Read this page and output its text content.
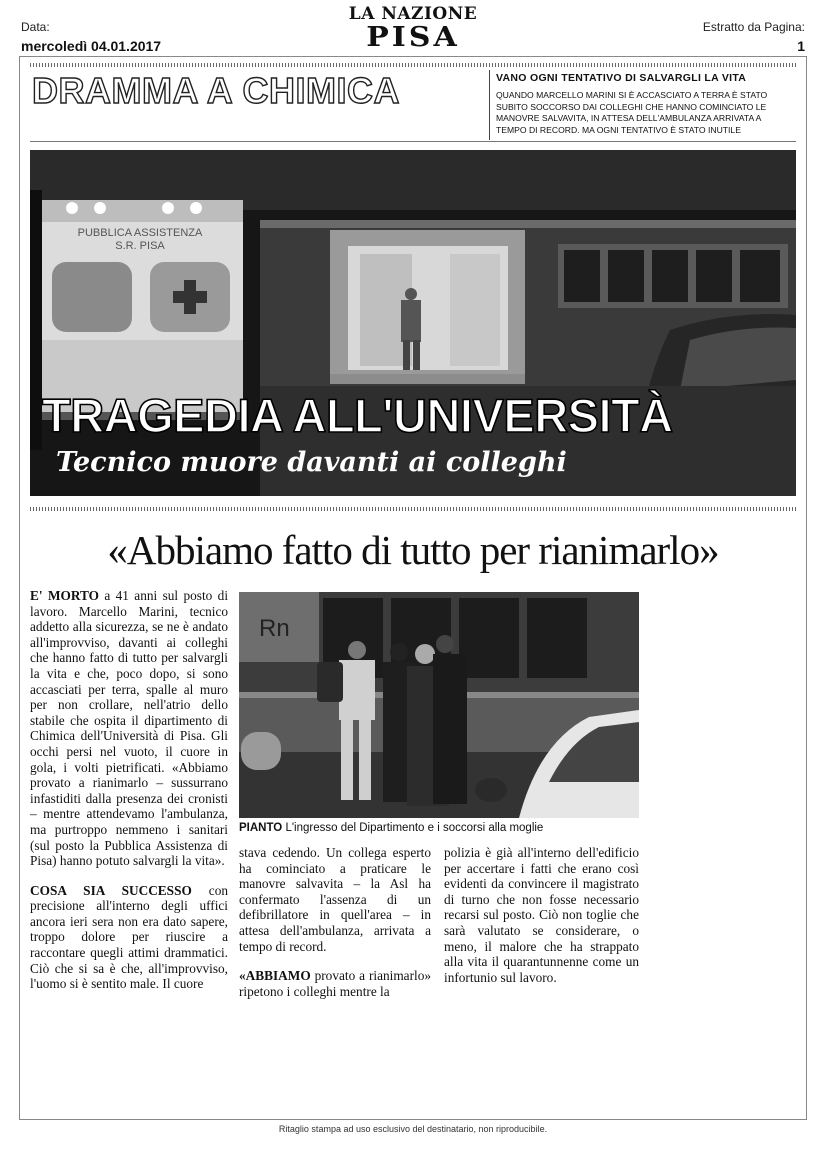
Data:
mercoledì 04.01.2017
LA NAZIONE
PISA	Estratto da Pagina:
1
DRAMMA A CHIMICA	VANO OGNI TENTATIVO DI SALVARGLI LA VITA
QUANDO MARCELLO MARINI SI È ACCASCIATO A TERRA È STATO SUBITO SOCCORSO DAI COLLEGHI CHE HANNO COMINCIATO LE MANOVRE SALVAVITA, IN ATTESA DELL'AMBULANZA ARRIVATA A TEMPO DI RECORD. MA OGNI TENTATIVO È STATO INUTILE
PUBBLICA ASSISTENZA
S.R. PISA
TRAGEDIA ALL'UNIVERSITÀ
Tecnico muore davanti ai colleghi
«Abbiamo fatto di tutto per rianimarlo»

E' MORTO a 41 anni sul posto di lavoro. Marcello Marini, tecnico addetto alla sicurezza, se ne è andato all'improvviso, davanti ai colleghi che hanno fatto di tutto per salvargli la vita e che, poco dopo, si sono accasciati per terra, spalle al muro per non crollare, nell'atrio dello stabile che ospita il dipartimento di Chimica dell'Università di Pisa. Gli occhi persi nel vuoto, il cuore in gola, i volti pietrificati. «Abbiamo provato a rianimarlo – sussurrano infastiditi dalla presenza dei cronisti – mentre attendevamo l'ambulanza, ma purtroppo nemmeno i sanitari (sul posto la Pubblica Assistenza di Pisa) hanno potuto salvargli la vita».

COSA SIA SUCCESSO con precisione all'interno degli uffici ancora ieri sera non era dato sapere, troppo dolore per riuscire a raccontare quegli attimi drammatici. Ciò che si sa è che, all'improvviso, l'uomo si è sentito male. Il cuore

Rn
PIANTO L'ingresso del Dipartimento e i soccorsi alla moglie

stava cedendo. Un collega esperto ha cominciato a praticare le manovre salvavita – la Asl ha confermato l'assenza di un defibrillatore in quell'area – in attesa dell'ambulanza, arrivata a tempo di record.

«ABBIAMO provato a rianimarlo» ripetono i colleghi mentre la

polizia è già all'interno dell'edificio per accertare i fatti che erano così evidenti da convincere il magistrato di turno che non fosse necessario recarsi sul posto. Ciò non toglie che sarà valutato se considerare, o meno, il malore che ha strappato alla vita il quarantunnenne come un infortunio sul lavoro.

Ritaglio stampa ad uso esclusivo del destinatario, non riproducibile.
